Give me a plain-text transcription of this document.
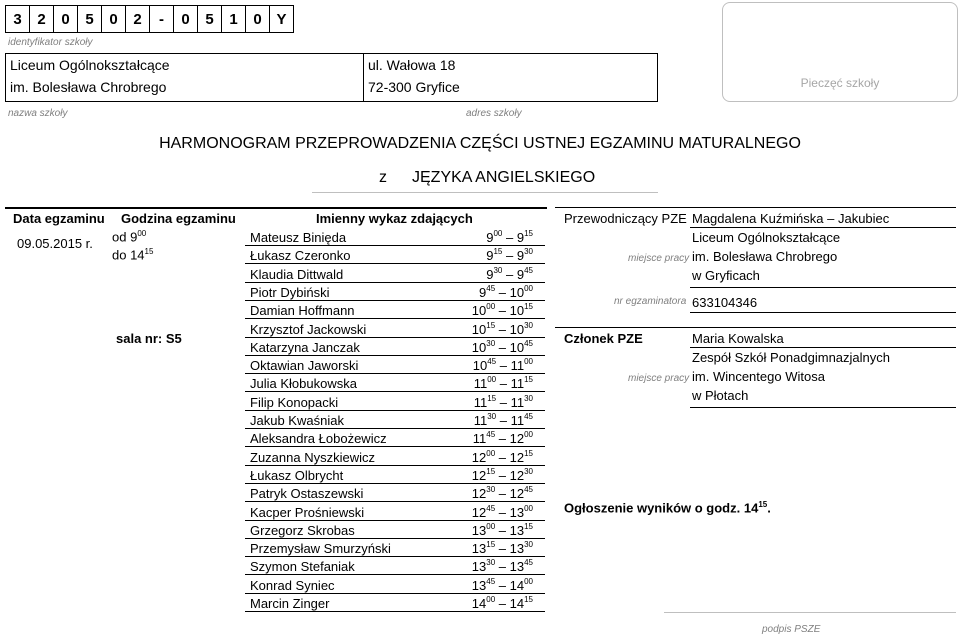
3	2	0	5	0	2	-	0	5	1	0 Y
identyfikator szkoły
Liceum Ogólnokształcące
im. Bolesława Chrobrego
ul. Wałowa 18
72-300 Gryfice
nazwa szkoły	adres szkoły
Pieczęć szkoły
HARMONOGRAM PRZEPROWADZENIA CZĘŚCI USTNEJ EGZAMINU MATURALNEGO
z JĘZYKA ANGIELSKIEGO
Data egzaminu Godzina egzaminu	Imienny wykaz zdających
09.05.2015 r. od $9^{00}$
do $14^{15}$
sala nr: S5
Mateusz Binięda	$9^{00} - 9^{15}$
Łukasz Czeronko	$9^{15} - 9^{30}$
Klaudia Dittwald	$9^{30} - 9^{45}$
Piotr Dybiński	$9^{45} - 10^{00}$
Damian Hoffmann	$10^{00} - 10^{15}$
Krzysztof Jackowski	$10^{15} - 10^{30}$
Katarzyna Janczak	$10^{30} - 10^{45}$
Oktawian Jaworski	$10^{45} - 11^{00}$
Julia Kłobukowska	$11^{00} - 11^{15}$
Filip Konopacki	$11^{15} - 11^{30}$
Jakub Kwaśniak	$11^{30} - 11^{45}$
Aleksandra Łobożewicz	$11^{45} - 12^{00}$
Zuzanna Nyszkiewicz	$12^{00} - 12^{15}$
Łukasz Olbrycht	$12^{15} - 12^{30}$
Patryk Ostaszewski	$12^{30} - 12^{45}$
Kacper Prośniewski	$12^{45} - 13^{00}$
Grzegorz Skrobas	$13^{00} - 13^{15}$
Przemysław Smurzyński	$13^{15} - 13^{30}$
Szymon Stefaniak	$13^{30} - 13^{45}$
Konrad Syniec	$13^{45} - 14^{00}$
Marcin Zinger	$14^{00} - 14^{15}$
Przewodniczący PZE Magdalena Kuźmińska – Jakubiec
Liceum Ogólnokształcące
miejsce pracy im. Bolesława Chrobrego
w Gryficach
nr egzaminatora 633104346
Członek PZE	Maria Kowalska
Zespół Szkół Ponadgimnazjalnych
miejsce pracy im. Wincentego Witosa
w Płotach
Ogłoszenie wyników o godz. $14^{15}$.
podpis PSZE
